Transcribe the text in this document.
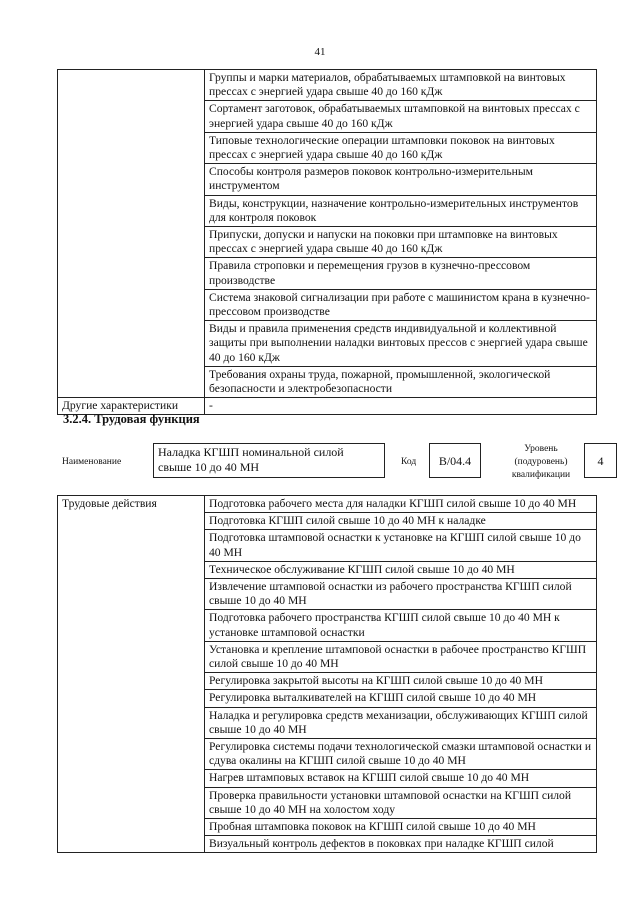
41
	Группы и марки материалов, обрабатываемых штамповкой на винтовых прессах с энергией удара свыше 40 до 160 кДж
	Сортамент заготовок, обрабатываемых штамповкой на винтовых прессах с энергией удара свыше 40 до 160 кДж
	Типовые технологические операции штамповки поковок на винтовых прессах с энергией удара свыше 40 до 160 кДж
	Способы контроля размеров поковок контрольно-измерительным инструментом
	Виды, конструкции, назначение контрольно-измерительных инструментов для контроля поковок
	Припуски, допуски и напуски на поковки при штамповке на винтовых прессах с энергией удара свыше 40 до 160 кДж
	Правила строповки и перемещения грузов в кузнечно-прессовом производстве
	Система знаковой сигнализации при работе с машинистом крана в кузнечно-прессовом производстве
	Виды и правила применения средств индивидуальной и коллективной защиты при выполнении наладки винтовых прессов с энергией удара свыше 40 до 160 кДж
	Требования охраны труда, пожарной, промышленной, экологической безопасности и электробезопасности
Другие характеристики	-
3.2.4. Трудовая функция
Наименование
Наладка КГШП номинальной силой свыше 10 до 40 МН	Код	B/04.4
Уровень (подуровень) квалификации
4
Трудовые действия	Подготовка рабочего места для наладки КГШП силой свыше 10 до 40 МН
Подготовка КГШП силой свыше 10 до 40 МН к наладке
Подготовка штамповой оснастки к установке на КГШП силой свыше 10 до 40 МН
Техническое обслуживание КГШП силой свыше 10 до 40 МН
Извлечение штамповой оснастки из рабочего пространства КГШП силой свыше 10 до 40 МН
Подготовка рабочего пространства КГШП силой свыше 10 до 40 МН к установке штамповой оснастки
Установка и крепление штамповой оснастки в рабочее пространство КГШП силой свыше 10 до 40 МН
Регулировка закрытой высоты на КГШП силой свыше 10 до 40 МН
Регулировка выталкивателей на КГШП силой свыше 10 до 40 МН
Наладка и регулировка средств механизации, обслуживающих КГШП силой свыше 10 до 40 МН
Регулировка системы подачи технологической смазки штамповой оснастки и сдува окалины на КГШП силой свыше 10 до 40 МН
Нагрев штамповых вставок на КГШП силой свыше 10 до 40 МН
Проверка правильности установки штамповой оснастки на КГШП силой свыше 10 до 40 МН на холостом ходу
Пробная штамповка поковок на КГШП силой свыше 10 до 40 МН
Визуальный контроль дефектов в поковках при наладке КГШП силой
